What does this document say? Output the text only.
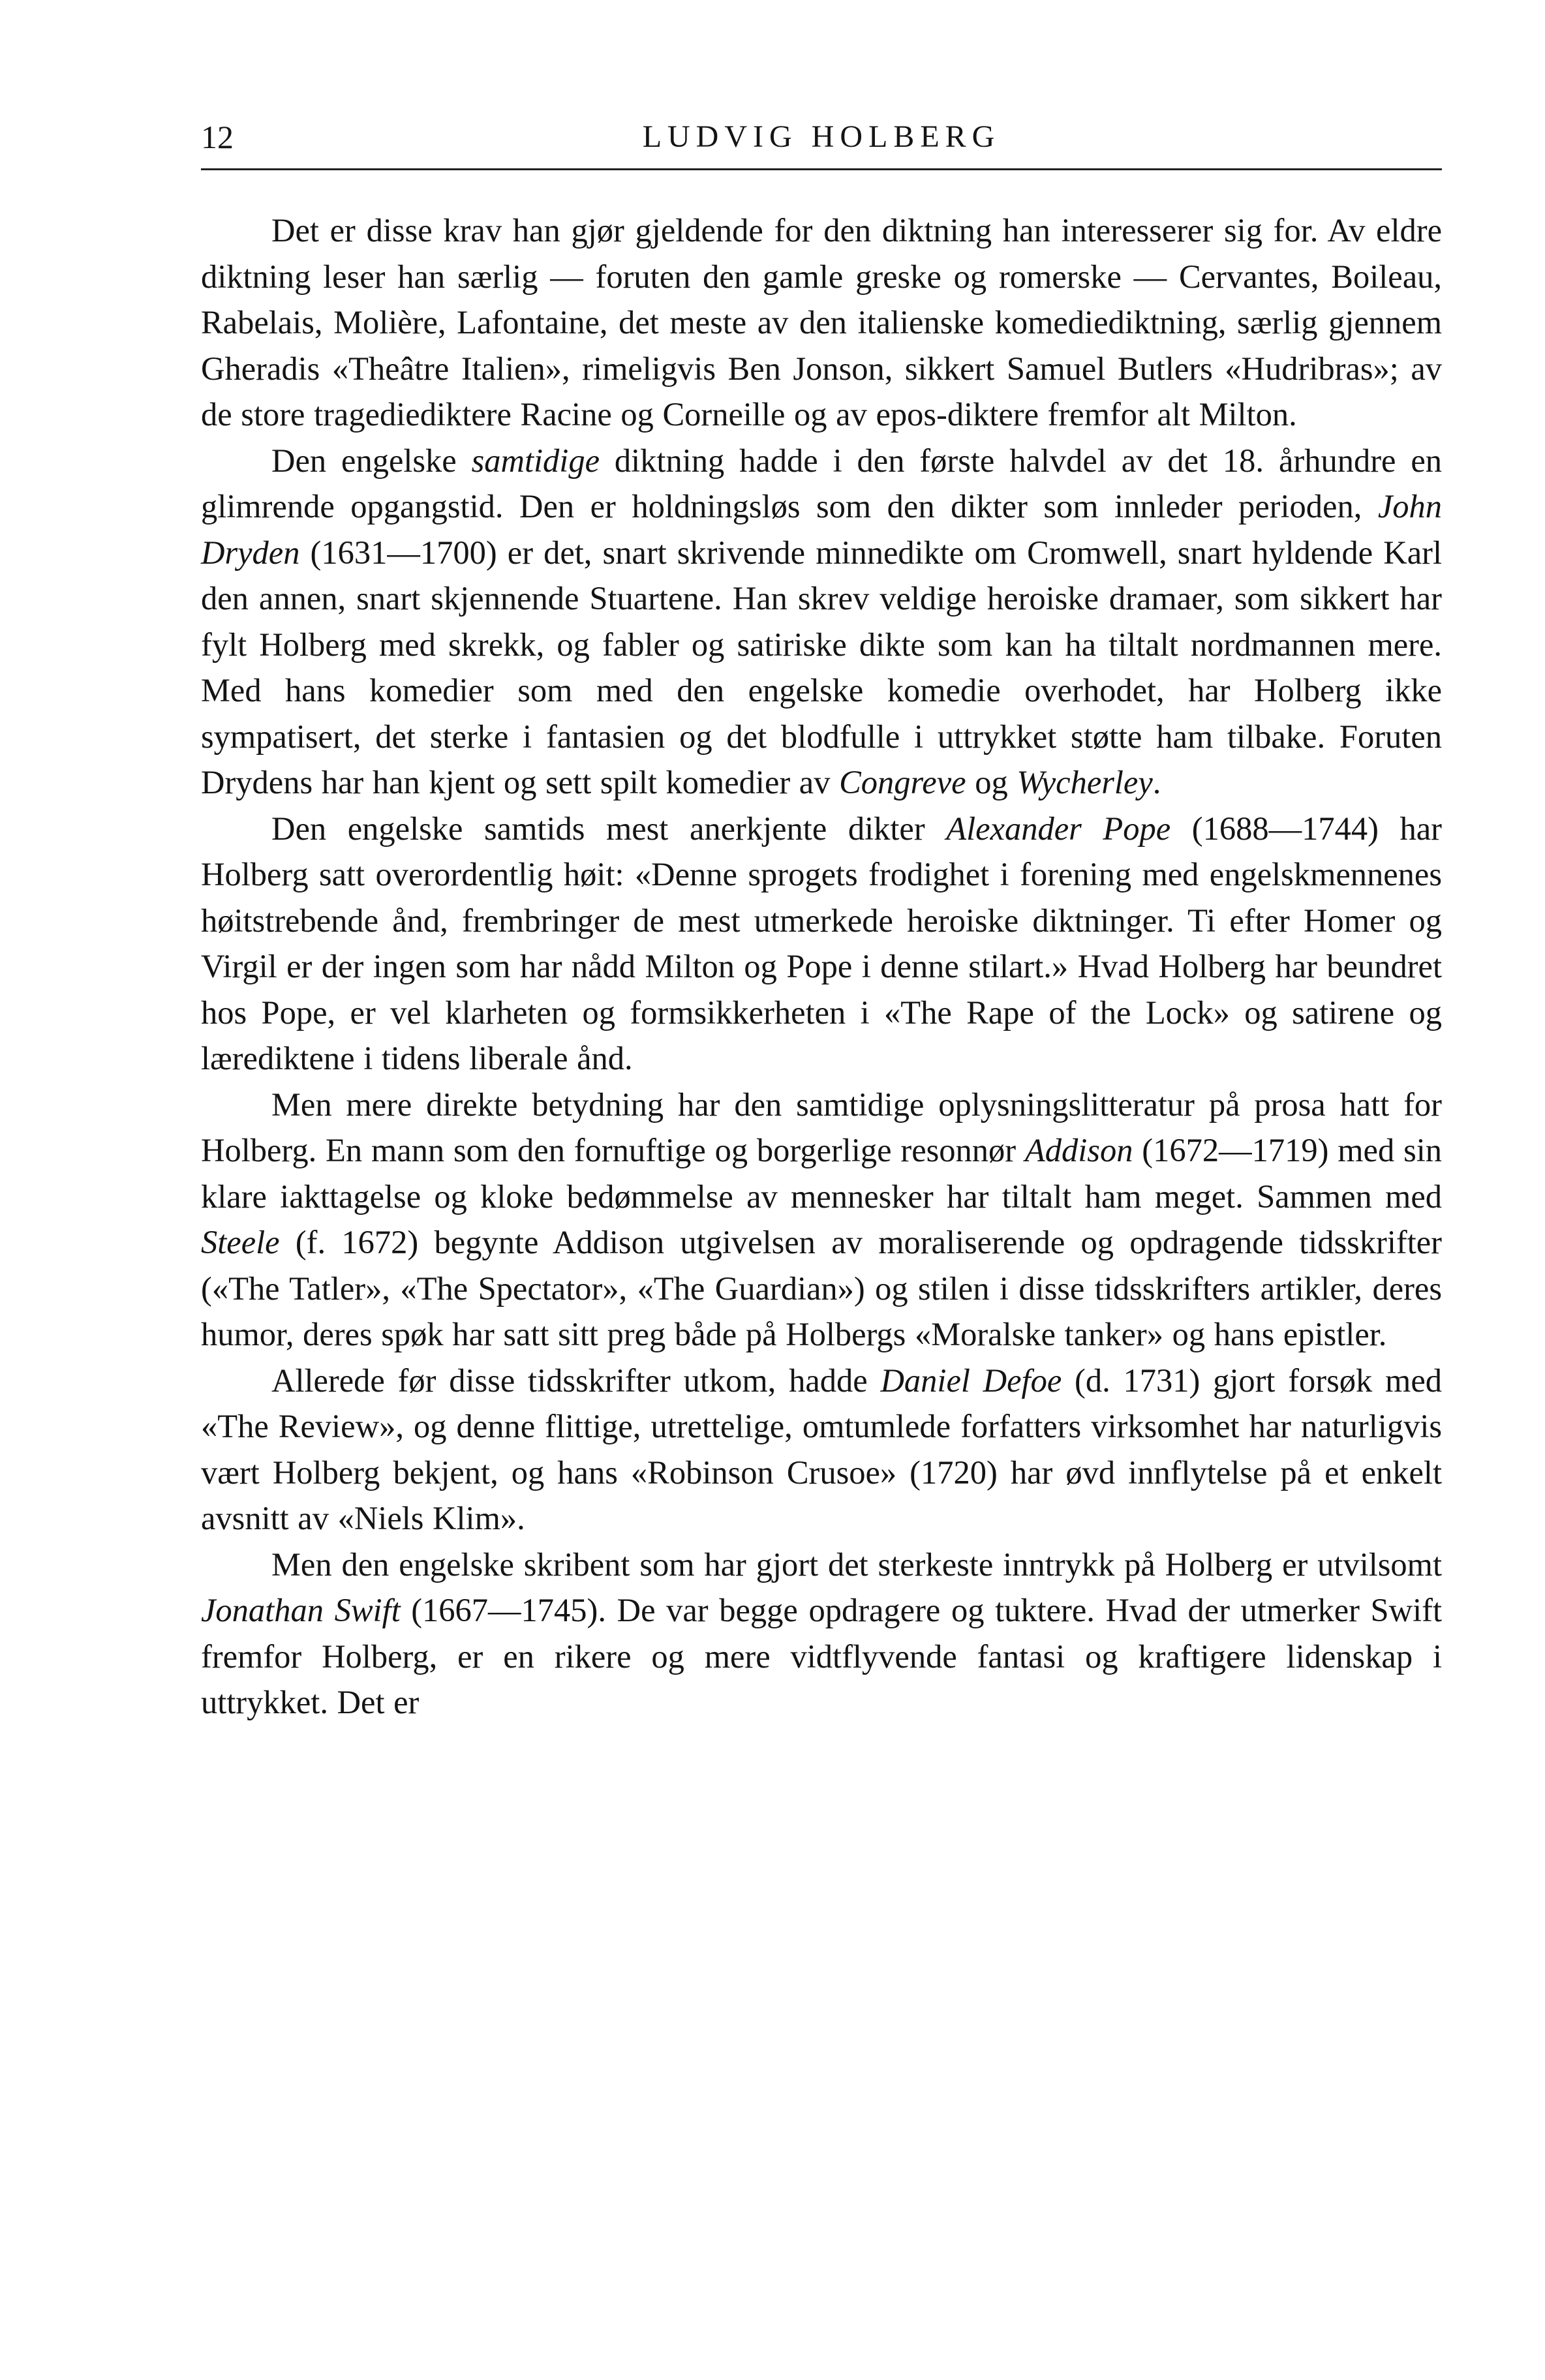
12	LUDVIG HOLBERG

Det er disse krav han gjør gjeldende for den diktning han interesserer sig for. Av eldre diktning leser han særlig — foruten den gamle greske og romerske — Cervantes, Boileau, Rabelais, Molière, Lafontaine, det meste av den italienske komediediktning, særlig gjennem Gheradis «Theâtre Italien», rimeligvis Ben Jonson, sikkert Samuel Butlers «Hudribras»; av de store tragediediktere Racine og Corneille og av epos-diktere fremfor alt Milton.

Den engelske samtidige diktning hadde i den første halvdel av det 18. århundre en glimrende opgangstid. Den er holdningsløs som den dikter som innleder perioden, John Dryden (1631—1700) er det, snart skrivende minnedikte om Cromwell, snart hyldende Karl den annen, snart skjennende Stuartene. Han skrev veldige heroiske dramaer, som sikkert har fylt Holberg med skrekk, og fabler og satiriske dikte som kan ha tiltalt nordmannen mere. Med hans komedier som med den engelske komedie overhodet, har Holberg ikke sympatisert, det sterke i fantasien og det blodfulle i uttrykket støtte ham tilbake. Foruten Drydens har han kjent og sett spilt komedier av Congreve og Wycherley.

Den engelske samtids mest anerkjente dikter Alexander Pope (1688—1744) har Holberg satt overordentlig høit: «Denne sprogets frodighet i forening med engelskmennenes høitstrebende ånd, frembringer de mest utmerkede heroiske diktninger. Ti efter Homer og Virgil er der ingen som har nådd Milton og Pope i denne stilart.» Hvad Holberg har beundret hos Pope, er vel klarheten og formsikkerheten i «The Rape of the Lock» og satirene og lærediktene i tidens liberale ånd.

Men mere direkte betydning har den samtidige oplysningslitteratur på prosa hatt for Holberg. En mann som den fornuftige og borgerlige resonnør Addison (1672—1719) med sin klare iakttagelse og kloke bedømmelse av mennesker har tiltalt ham meget. Sammen med Steele (f. 1672) begynte Addison utgivelsen av moraliserende og opdragende tidsskrifter («The Tatler», «The Spectator», «The Guardian») og stilen i disse tidsskrifters artikler, deres humor, deres spøk har satt sitt preg både på Holbergs «Moralske tanker» og hans epistler.

Allerede før disse tidsskrifter utkom, hadde Daniel Defoe (d. 1731) gjort forsøk med «The Review», og denne flittige, utrettelige, omtumlede forfatters virksomhet har naturligvis vært Holberg bekjent, og hans «Robinson Crusoe» (1720) har øvd innflytelse på et enkelt avsnitt av «Niels Klim».

Men den engelske skribent som har gjort det sterkeste inntrykk på Holberg er utvilsomt Jonathan Swift (1667—1745). De var begge opdragere og tuktere. Hvad der utmerker Swift fremfor Holberg, er en rikere og mere vidtflyvende fantasi og kraftigere lidenskap i uttrykket. Det er
